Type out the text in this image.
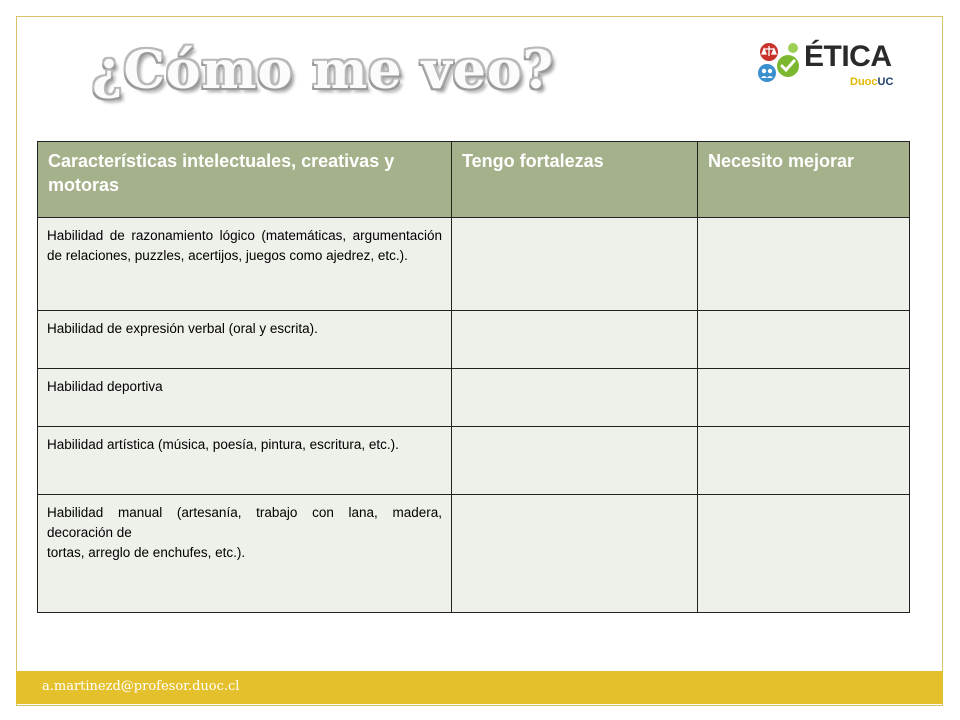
¿Cómo me veo?	ÉTICA
DuocUC
Características intelectuales, creativas y motoras	Tengo fortalezas	Necesito mejorar
Habilidad de razonamiento lógico (matemáticas, argumentación de relaciones, puzzles, acertijos, juegos como ajedrez, etc.).		
Habilidad de expresión verbal (oral y escrita).		
Habilidad deportiva		
Habilidad artística (música, poesía, pintura, escritura, etc.).		

Habilidad manual (artesanía, trabajo con lana, madera, decoración de
tortas, arreglo de enchufes, etc.).		

a.martinezd@profesor.duoc.cl
